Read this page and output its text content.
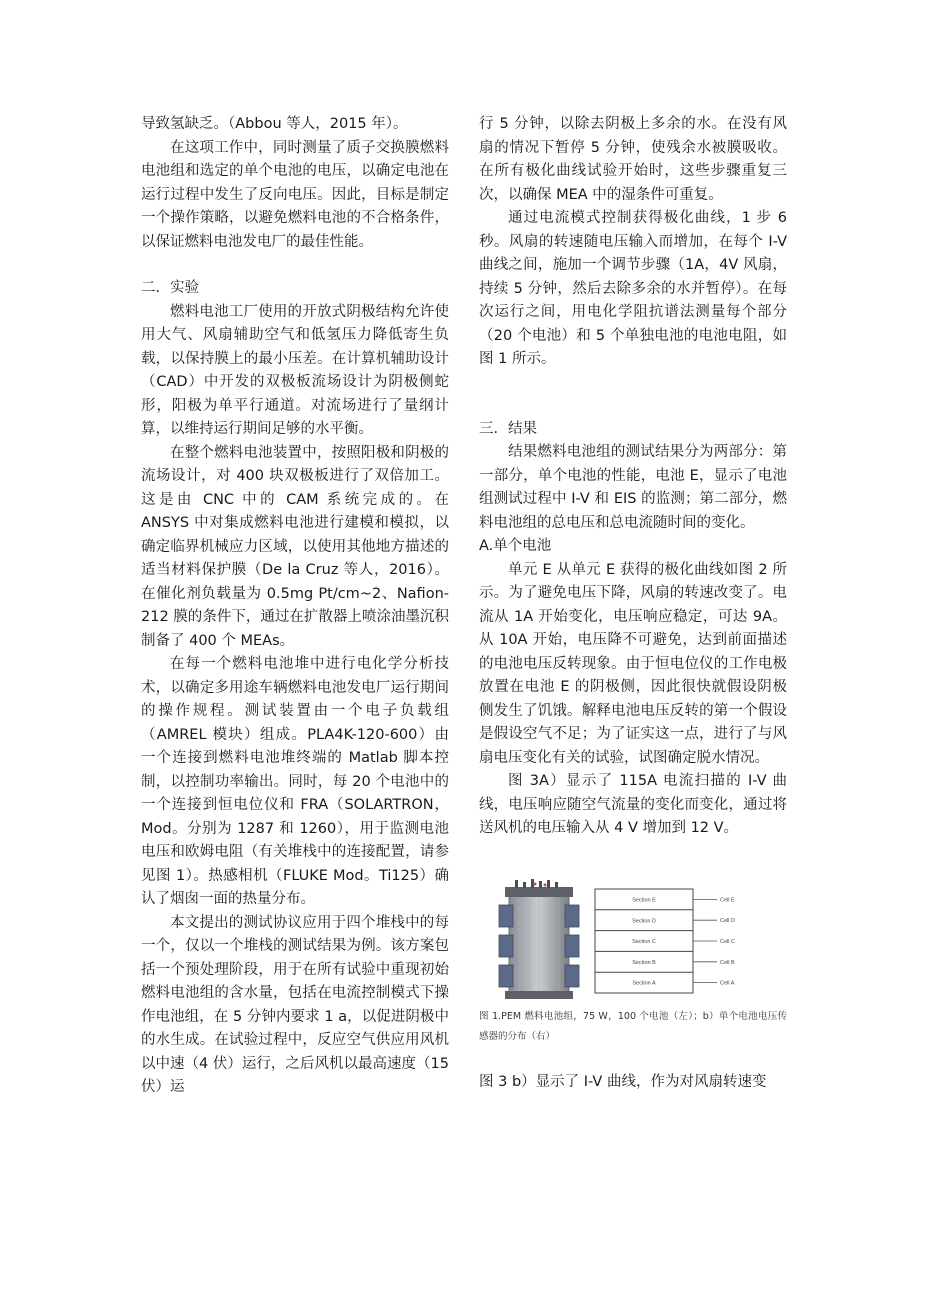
导致氢缺乏。（Abbou 等人，2015 年）。

在这项工作中，同时测量了质子交换膜燃料电池组和选定的单个电池的电压，以确定电池在运行过程中发生了反向电压。因此，目标是制定一个操作策略，以避免燃料电池的不合格条件，以保证燃料电池发电厂的最佳性能。

二．实验

燃料电池工厂使用的开放式阴极结构允许使用大气、风扇辅助空气和低氢压力降低寄生负载，以保持膜上的最小压差。在计算机辅助设计（CAD）中开发的双极板流场设计为阴极侧蛇形，阳极为单平行通道。对流场进行了量纲计算，以维持运行期间足够的水平衡。

在整个燃料电池装置中，按照阳极和阴极的流场设计，对 400 块双极板进行了双倍加工。这是由 CNC 中的 CAM 系统完成的。在 ANSYS 中对集成燃料电池进行建模和模拟，以确定临界机械应力区域，以使用其他地方描述的适当材料保护膜（De la Cruz 等人，2016）。在催化剂负载量为 0.5mg Pt/cm~2、Nafion-212 膜的条件下，通过在扩散器上喷涂油墨沉积制备了 400 个 MEAs。

在每一个燃料电池堆中进行电化学分析技术，以确定多用途车辆燃料电池发电厂运行期间的操作规程。测试装置由一个电子负载组（AMREL 模块）组成。PLA4K-120-600）由一个连接到燃料电池堆终端的 Matlab 脚本控制，以控制功率输出。同时，每 20 个电池中的一个连接到恒电位仪和 FRA（SOLARTRON，Mod。分别为 1287 和 1260），用于监测电池电压和欧姆电阻（有关堆栈中的连接配置，请参见图 1）。热感相机（FLUKE Mod。Ti125）确认了烟囱一面的热量分布。

本文提出的测试协议应用于四个堆栈中的每一个，仅以一个堆栈的测试结果为例。该方案包括一个预处理阶段，用于在所有试验中重现初始燃料电池组的含水量，包括在电流控制模式下操作电池组，在 5 分钟内要求 1 a，以促进阴极中的水生成。在试验过程中，反应空气供应用风机以中速（4 伏）运行，之后风机以最高速度（15 伏）运

行 5 分钟，以除去阴极上多余的水。在没有风扇的情况下暂停 5 分钟，使残余水被膜吸收。在所有极化曲线试验开始时，这些步骤重复三次，以确保 MEA 中的湿条件可重复。

通过电流模式控制获得极化曲线，1 步 6 秒。风扇的转速随电压输入而增加，在每个 I-V 曲线之间，施加一个调节步骤（1A，4V 风扇，持续 5 分钟，然后去除多余的水并暂停）。在每次运行之间，用电化学阻抗谱法测量每个部分（20 个电池）和 5 个单独电池的电池电阻，如图 1 所示。

三．结果

结果燃料电池组的测试结果分为两部分：第一部分，单个电池的性能，电池 E，显示了电池组测试过程中 I-V 和 EIS 的监测；第二部分，燃料电池组的总电压和总电流随时间的变化。

A.单个电池

单元 E 从单元 E 获得的极化曲线如图 2 所示。为了避免电压下降，风扇的转速改变了。电流从 1A 开始变化，电压响应稳定，可达 9A。从 10A 开始，电压降不可避免，达到前面描述的电池电压反转现象。由于恒电位仪的工作电极放置在电池 E 的阴极侧，因此很快就假设阴极侧发生了饥饿。解释电池电压反转的第一个假设是假设空气不足；为了证实这一点，进行了与风扇电压变化有关的试验，试图确定脱水情况。

图 3A）显示了 115A 电流扫描的 I-V 曲线，电压响应随空气流量的变化而变化，通过将送风机的电压输入从 4 V 增加到 12 V。

Section E
Section D
Section C
Section B
Section A
Cell E
Cell D
Cell C
Cell B
Cell A

图 1.PEM 燃料电池组，75 W，100 个电池（左）；b）单个电池电压传感器的分布（右）

图 3 b）显示了 I-V 曲线，作为对风扇转速变
